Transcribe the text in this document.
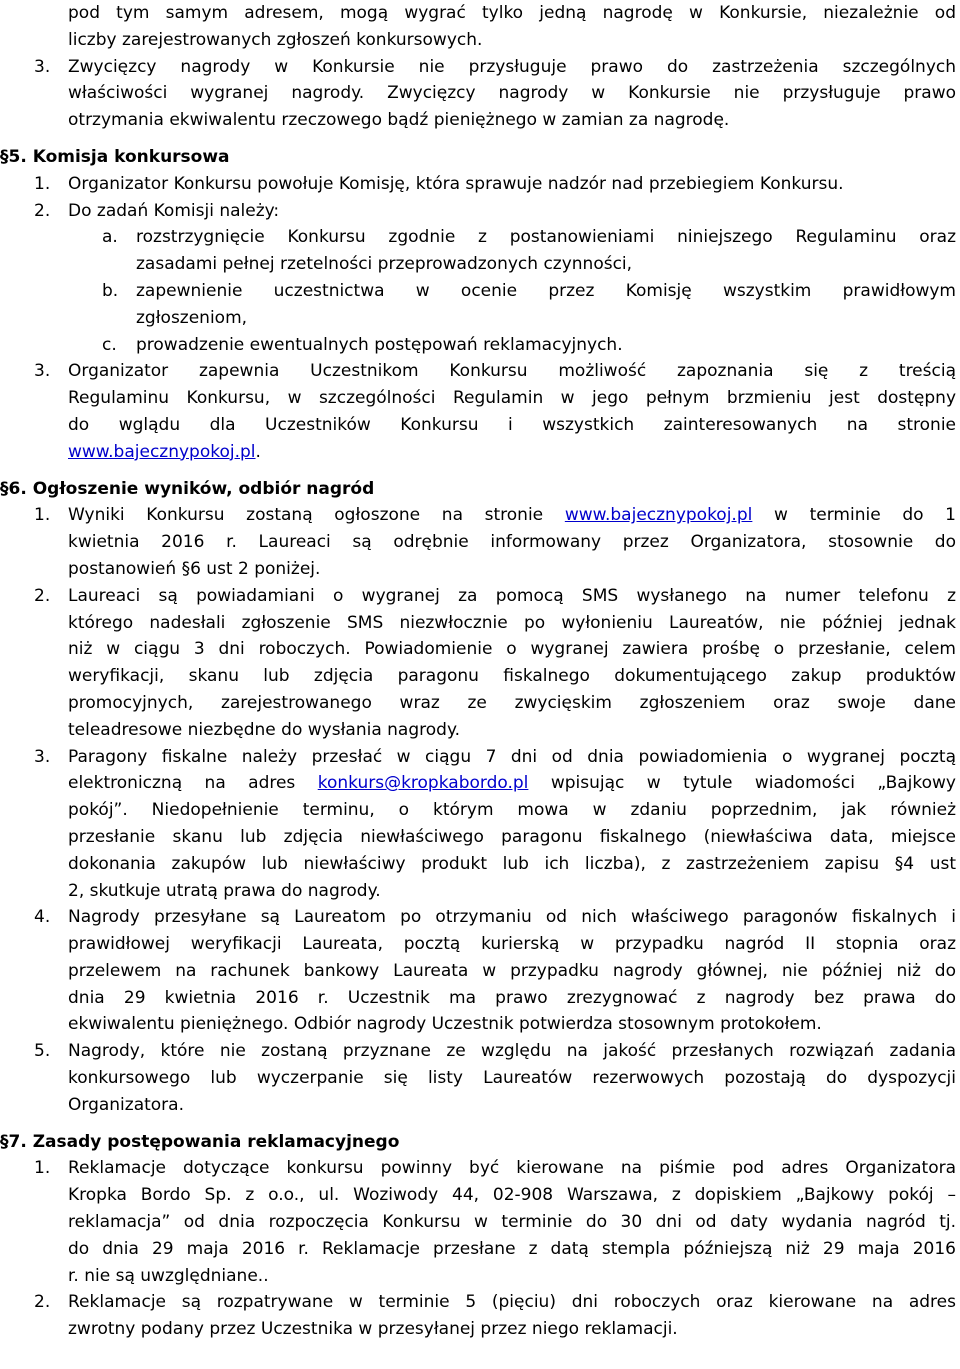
pod tym samym adresem, mogą wygrać tylko jedną nagrodę w Konkursie, niezależnie od
liczby zarejestrowanych zgłoszeń konkursowych.
3. Zwycięzcy nagrody w Konkursie nie przysługuje prawo do zastrzeżenia szczególnych
właściwości wygranej nagrody. Zwycięzcy nagrody w Konkursie nie przysługuje prawo
otrzymania ekwiwalentu rzeczowego bądź pieniężnego w zamian za nagrodę.
§5. Komisja konkursowa
1. Organizator Konkursu powołuje Komisję, która sprawuje nadzór nad przebiegiem Konkursu.
2. Do zadań Komisji należy:
a. rozstrzygnięcie Konkursu zgodnie z postanowieniami niniejszego Regulaminu oraz
zasadami pełnej rzetelności przeprowadzonych czynności,
b. zapewnienie uczestnictwa w ocenie przez Komisję wszystkim prawidłowym
zgłoszeniom,
c. prowadzenie ewentualnych postępowań reklamacyjnych.
3. Organizator zapewnia Uczestnikom Konkursu możliwość zapoznania się z treścią
Regulaminu Konkursu, w szczególności Regulamin w jego pełnym brzmieniu jest dostępny
do wglądu dla Uczestników Konkursu i wszystkich zainteresowanych na stronie
www.bajecznypokoj.pl.
§6. Ogłoszenie wyników, odbiór nagród
1. Wyniki Konkursu zostaną ogłoszone na stronie www.bajecznypokoj.pl w terminie do 1
kwietnia 2016 r. Laureaci są odrębnie informowany przez Organizatora, stosownie do
postanowień §6 ust 2 poniżej.
2. Laureaci są powiadamiani o wygranej za pomocą SMS wysłanego na numer telefonu z
którego nadesłali zgłoszenie SMS niezwłocznie po wyłonieniu Laureatów, nie później jednak
niż w ciągu 3 dni roboczych. Powiadomienie o wygranej zawiera prośbę o przesłanie, celem
weryfikacji, skanu lub zdjęcia paragonu fiskalnego dokumentującego zakup produktów
promocyjnych, zarejestrowanego wraz ze zwycięskim zgłoszeniem oraz swoje dane
teleadresowe niezbędne do wysłania nagrody.
3. Paragony fiskalne należy przesłać w ciągu 7 dni od dnia powiadomienia o wygranej pocztą
elektroniczną na adres konkurs@kropkabordo.pl wpisując w tytule wiadomości „Bajkowy
pokój”. Niedopełnienie terminu, o którym mowa w zdaniu poprzednim, jak również
przesłanie skanu lub zdjęcia niewłaściwego paragonu fiskalnego (niewłaściwa data, miejsce
dokonania zakupów lub niewłaściwy produkt lub ich liczba), z zastrzeżeniem zapisu §4 ust
2, skutkuje utratą prawa do nagrody.
4. Nagrody przesyłane są Laureatom po otrzymaniu od nich właściwego paragonów fiskalnych i
prawidłowej weryfikacji Laureata, pocztą kurierską w przypadku nagród II stopnia oraz
przelewem na rachunek bankowy Laureata w przypadku nagrody głównej, nie później niż do
dnia 29 kwietnia 2016 r. Uczestnik ma prawo zrezygnować z nagrody bez prawa do
ekwiwalentu pieniężnego. Odbiór nagrody Uczestnik potwierdza stosownym protokołem.
5. Nagrody, które nie zostaną przyznane ze względu na jakość przesłanych rozwiązań zadania
konkursowego lub wyczerpanie się listy Laureatów rezerwowych pozostają do dyspozycji
Organizatora.
§7. Zasady postępowania reklamacyjnego
1. Reklamacje dotyczące konkursu powinny być kierowane na piśmie pod adres Organizatora
Kropka Bordo Sp. z o.o., ul. Woziwody 44, 02-908 Warszawa, z dopiskiem „Bajkowy pokój –
reklamacja” od dnia rozpoczęcia Konkursu w terminie do 30 dni od daty wydania nagród tj.
do dnia 29 maja 2016 r. Reklamacje przesłane z datą stempla późniejszą niż 29 maja 2016
r. nie są uwzględniane..
2. Reklamacje są rozpatrywane w terminie 5 (pięciu) dni roboczych oraz kierowane na adres
zwrotny podany przez Uczestnika w przesyłanej przez niego reklamacji.
